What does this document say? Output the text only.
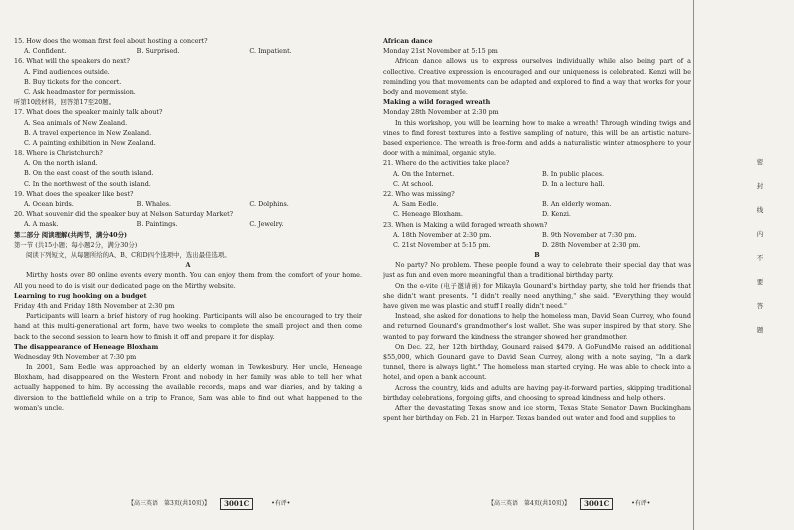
15. How does the woman first feel about hosting a concert?
A. Confident.	B. Surprised.	C. Impatient.
16. What will the speakers do next?
A. Find audiences outside.
B. Buy tickets for the concert.
C. Ask headmaster for permission.
听第10段材料，回答第17至20题。
17. What does the speaker mainly talk about?
A. Sea animals of New Zealand.
B. A travel experience in New Zealand.
C. A painting exhibition in New Zealand.
18. Where is Christchurch?
A. On the north island.
B. On the east coast of the south island.
C. In the northwest of the south island.
19. What does the speaker like best?
A. Ocean birds.	B. Whales.	C. Dolphins.
20. What souvenir did the speaker buy at Nelson Saturday Market?
A. A mask.	B. Paintings.	C. Jewelry.
第二部分 阅读理解(共两节，满分40分)
第一节 (共15小题；每小题2分，满分30分)
阅读下列短文，从每题所给的A、B、C和D四个选项中，选出最佳选项。
A
Mirthy hosts over 80 online events every month. You can enjoy them from the comfort of your home. All you need to do is visit our dedicated page on the Mirthy website.
Learning to rug hooking on a budget
Friday 4th and Friday 18th November at 2:30 pm
Participants will learn a brief history of rug hooking. Participants will also be encouraged to try their hand at this multi-generational art form, have two weeks to complete the small project and then come back to the second session to learn how to finish it off and prepare it for display.
The disappearance of Heneage Bloxham
Wednesday 9th November at 7:30 pm
In 2001, Sam Eedle was approached by an elderly woman in Tewkesbury. Her uncle, Heneage Bloxham, had disappeared on the Western Front and nobody in her family was able to tell her what actually happened to him. By accessing the available records, maps and war diaries, and by taking a diversion to the battlefield while on a trip to France, Sam was able to find out what happened to the woman's uncle.
African dance
Monday 21st November at 5:15 pm
African dance allows us to express ourselves individually while also being part of a collective. Creative expression is encouraged and our uniqueness is celebrated. Kenzi will be reminding you that movements can be adapted and explored to find a way that works for your body and movement style.
Making a wild foraged wreath
Monday 28th November at 2:30 pm
In this workshop, you will be learning how to make a wreath! Through winding twigs and vines to find forest textures into a festive sampling of nature, this will be an artistic nature-based experience. The wreath is free-form and adds a naturalistic winter atmosphere to your door with a minimal, organic style.
21. Where do the activities take place?
A. On the Internet.	B. In public places.
C. At school.	D. In a lecture hall.
22. Who was missing?
A. Sam Eedle.	B. An elderly woman.
C. Heneage Bloxham.	D. Kenzi.
23. When is Making a wild foraged wreath shown?
A. 18th November at 2:30 pm.	B. 9th November at 7:30 pm.
C. 21st November at 5:15 pm.	D. 28th November at 2:30 pm.
B
No party? No problem. These people found a way to celebrate their special day that was just as fun and even more meaningful than a traditional birthday party.
On the e-vite (电子邀请函) for Mikayla Gounard's birthday party, she told her friends that she didn't want presents. "I didn't really need anything," she said. "Everything they would have given me was plastic and stuff I really didn't need."
Instead, she asked for donations to help the homeless man, David Sean Currey, who found and returned Gounard's grandmother's lost wallet. She was super inspired by that story. She wanted to pay forward the kindness the stranger showed her grandmother.
On Dec. 22, her 12th birthday, Gounard raised $479. A GoFundMe raised an additional $55,000, which Gounard gave to David Sean Currey, along with a note saying, "In a dark tunnel, there is always light." The homeless man started crying. He was able to check into a hotel, and open a bank account.
Across the country, kids and adults are having pay-it-forward parties, skipping traditional birthday celebrations, forgoing gifts, and choosing to spread kindness and help others.
After the devastating Texas snow and ice storm, Texas State Senator Dawn Buckingham spent her birthday on Feb. 21 in Harper. Texas banded out water and food and supplies to
密
封
线
内
不
要
答
题
【高三英语　第3页(共10页)】	3001C	•有评•	【高三英语　第4页(共10页)】	3001C	•有评•
